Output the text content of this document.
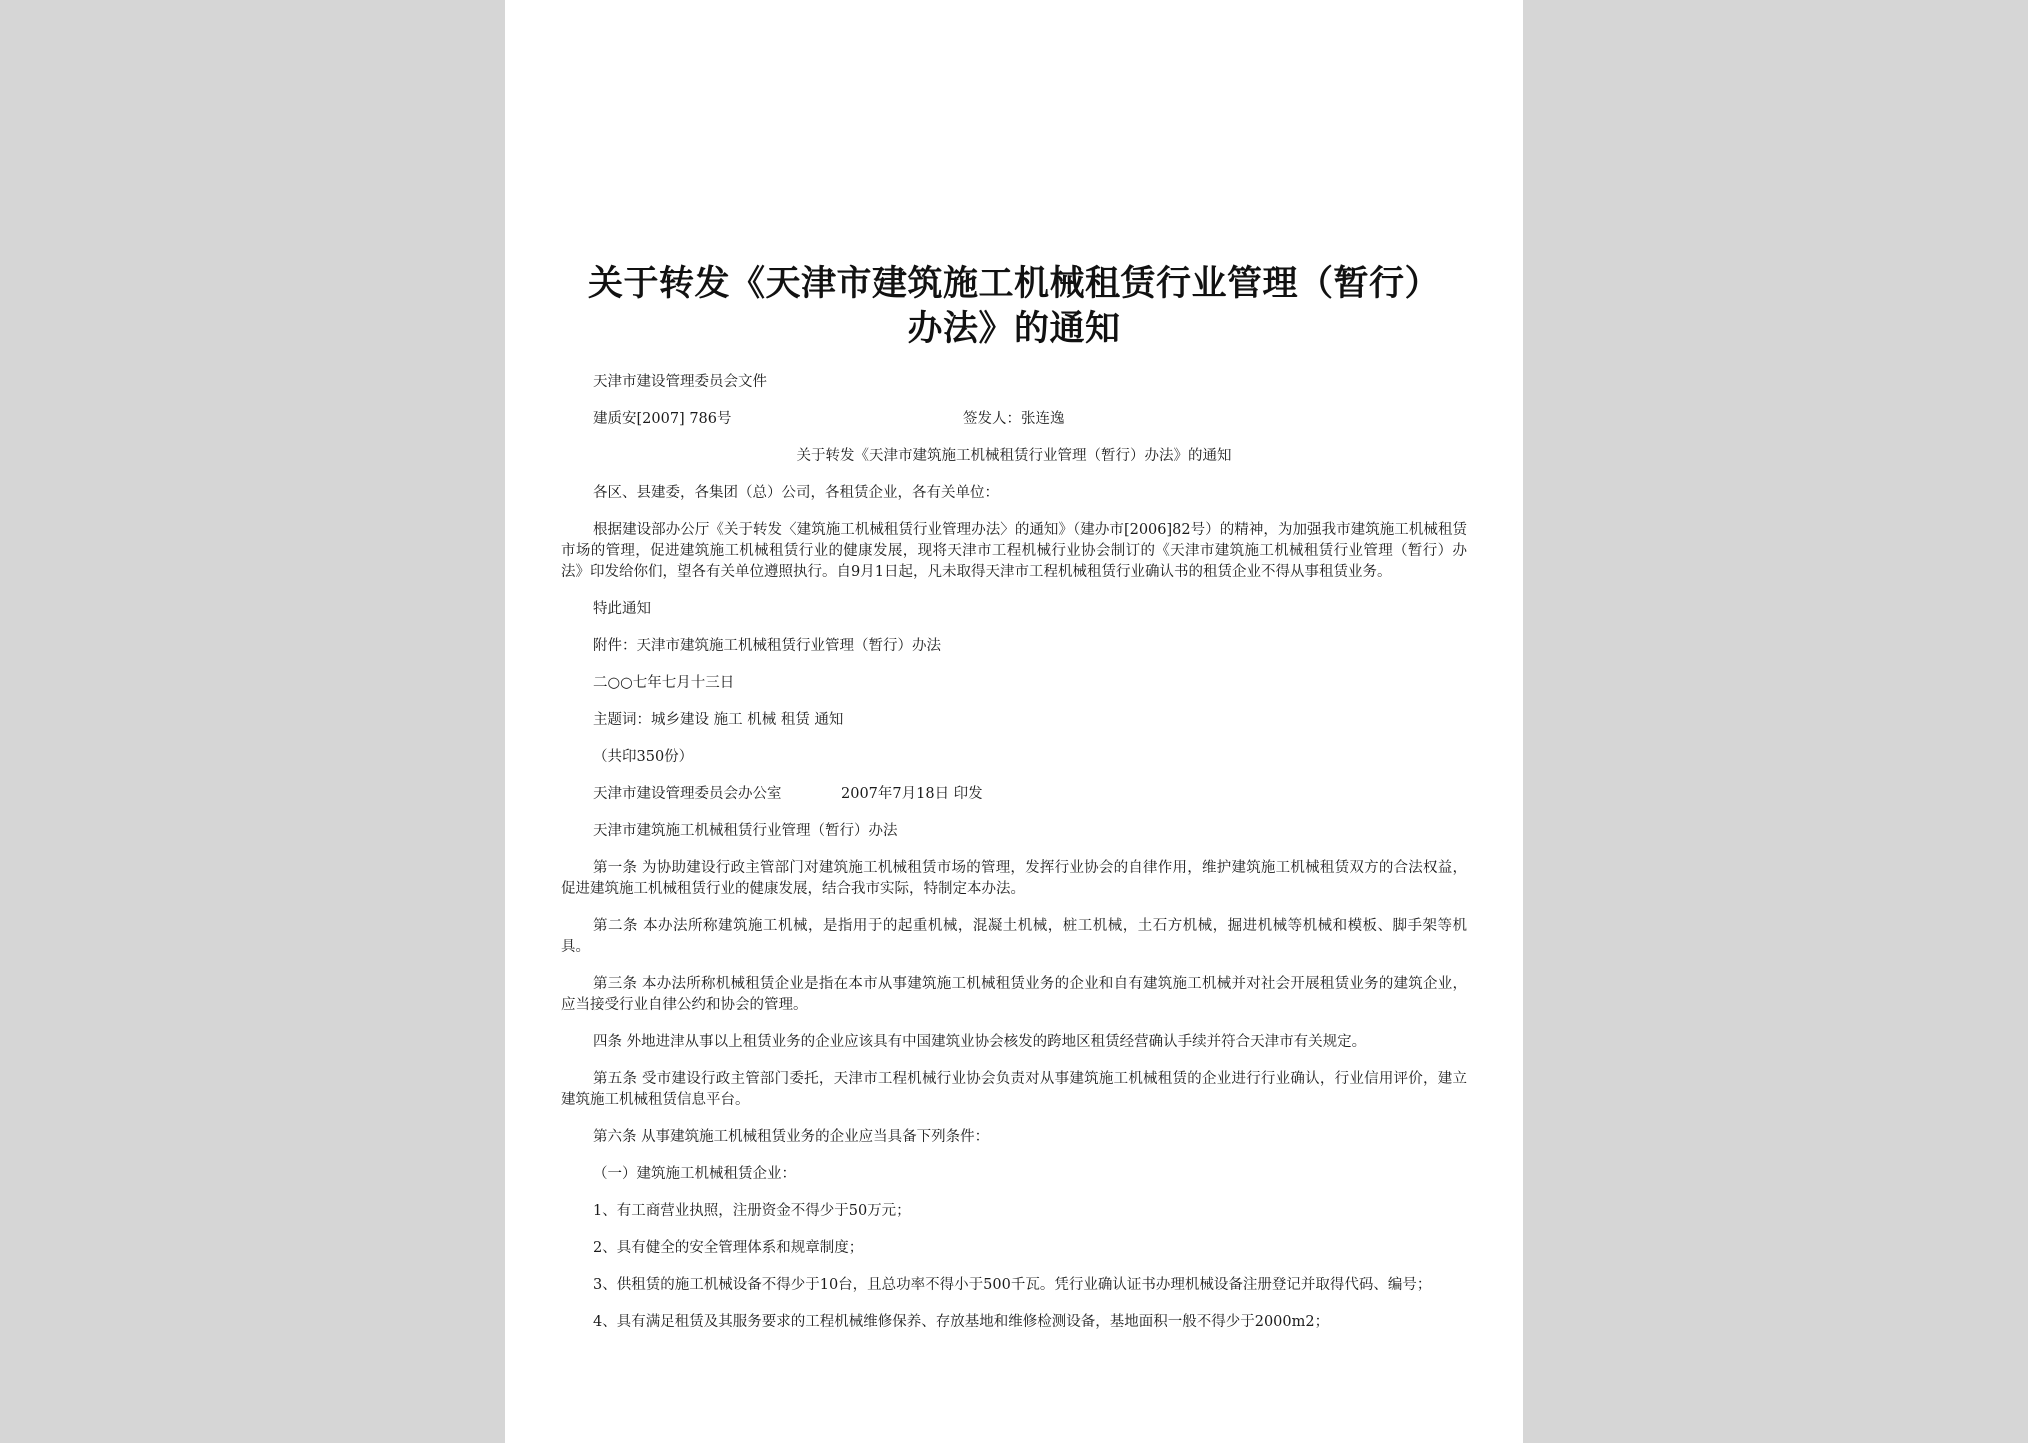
关于转发《天津市建筑施工机械租赁行业管理（暂行）
办法》的通知
天津市建设管理委员会文件
建质安[2007] 786号	签发人：张连逸
关于转发《天津市建筑施工机械租赁行业管理（暂行）办法》的通知
各区、县建委，各集团（总）公司，各租赁企业，各有关单位：
根据建设部办公厅《关于转发〈建筑施工机械租赁行业管理办法〉的通知》（建办市[2006]82号）的精神，为加强我市建筑施工机械租赁市场的管理，促进建筑施工机械租赁行业的健康发展，现将天津市工程机械行业协会制订的《天津市建筑施工机械租赁行业管理（暂行）办法》印发给你们，望各有关单位遵照执行。自9月1日起，凡未取得天津市工程机械租赁行业确认书的租赁企业不得从事租赁业务。
特此通知
附件：天津市建筑施工机械租赁行业管理（暂行）办法
二○○七年七月十三日
主题词：城乡建设 施工 机械 租赁 通知
（共印350份）
天津市建设管理委员会办公室	2007年7月18日 印发
天津市建筑施工机械租赁行业管理（暂行）办法
第一条 为协助建设行政主管部门对建筑施工机械租赁市场的管理，发挥行业协会的自律作用，维护建筑施工机械租赁双方的合法权益，促进建筑施工机械租赁行业的健康发展，结合我市实际，特制定本办法。
第二条 本办法所称建筑施工机械，是指用于的起重机械，混凝土机械，桩工机械，土石方机械，掘进机械等机械和模板、脚手架等机具。
第三条 本办法所称机械租赁企业是指在本市从事建筑施工机械租赁业务的企业和自有建筑施工机械并对社会开展租赁业务的建筑企业，应当接受行业自律公约和协会的管理。
四条 外地进津从事以上租赁业务的企业应该具有中国建筑业协会核发的跨地区租赁经营确认手续并符合天津市有关规定。
第五条 受市建设行政主管部门委托，天津市工程机械行业协会负责对从事建筑施工机械租赁的企业进行行业确认，行业信用评价，建立建筑施工机械租赁信息平台。
第六条 从事建筑施工机械租赁业务的企业应当具备下列条件：
（一）建筑施工机械租赁企业：
1、有工商营业执照，注册资金不得少于50万元；
2、具有健全的安全管理体系和规章制度；
3、供租赁的施工机械设备不得少于10台，且总功率不得小于500千瓦。凭行业确认证书办理机械设备注册登记并取得代码、编号；
4、具有满足租赁及其服务要求的工程机械维修保养、存放基地和维修检测设备，基地面积一般不得少于2000m2；
